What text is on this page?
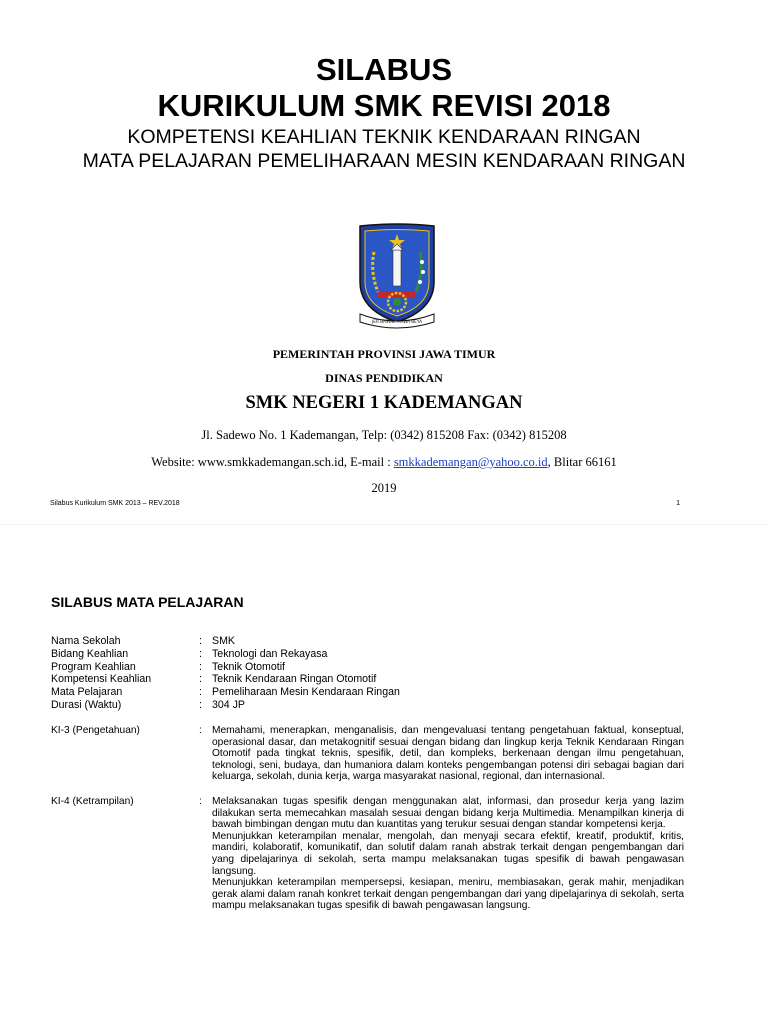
SILABUS
KURIKULUM SMK REVISI 2018
KOMPETENSI KEAHLIAN TEKNIK KENDARAAN RINGAN
MATA PELAJARAN PEMELIHARAAN MESIN KENDARAAN RINGAN
JER BASUKI MAWA BEYA
PEMERINTAH PROVINSI JAWA TIMUR
DINAS PENDIDIKAN
SMK NEGERI 1 KADEMANGAN
Jl. Sadewo No. 1 Kademangan, Telp: (0342) 815208 Fax: (0342) 815208
Website: www.smkkademangan.sch.id, E-mail : smkkademangan@yahoo.co.id, Blitar 66161
2019
Silabus Kurikulum SMK 2013 – REV.2018	1
SILABUS MATA PELAJARAN
Nama Sekolah	: SMK
Bidang Keahlian	: Teknologi dan Rekayasa
Program Keahlian	: Teknik Otomotif
Kompetensi Keahlian	: Teknik Kendaraan Ringan Otomotif
Mata Pelajaran	: Pemeliharaan Mesin Kendaraan Ringan
Durasi (Waktu)	: 304 JP
KI-3 (Pengetahuan)	: Memahami, menerapkan, menganalisis, dan mengevaluasi tentang pengetahuan faktual, konseptual, operasional dasar, dan metakognitif sesuai dengan bidang dan lingkup kerja Teknik Kendaraan Ringan Otomotif pada tingkat teknis, spesifik, detil, dan kompleks, berkenaan dengan ilmu pengetahuan, teknologi, seni, budaya, dan humaniora dalam konteks pengembangan potensi diri sebagai bagian dari keluarga, sekolah, dunia kerja, warga masyarakat nasional, regional, dan internasional.

KI-4 (Ketrampilan)	: Melaksanakan tugas spesifik dengan menggunakan alat, informasi, dan prosedur kerja yang lazim dilakukan serta memecahkan masalah sesuai dengan bidang kerja Multimedia. Menampilkan kinerja di bawah bimbingan dengan mutu dan kuantitas yang terukur sesuai dengan standar kompetensi kerja.

Menunjukkan keterampilan menalar, mengolah, dan menyaji secara efektif, kreatif, produktif, kritis, mandiri, kolaboratif, komunikatif, dan solutif dalam ranah abstrak terkait dengan pengembangan dari yang dipelajarinya di sekolah, serta mampu melaksanakan tugas spesifik di bawah pengawasan langsung.

Menunjukkan keterampilan mempersepsi, kesiapan, meniru, membiasakan, gerak mahir, menjadikan gerak alami dalam ranah konkret terkait dengan pengembangan dari yang dipelajarinya di sekolah, serta mampu melaksanakan tugas spesifik di bawah pengawasan langsung.
